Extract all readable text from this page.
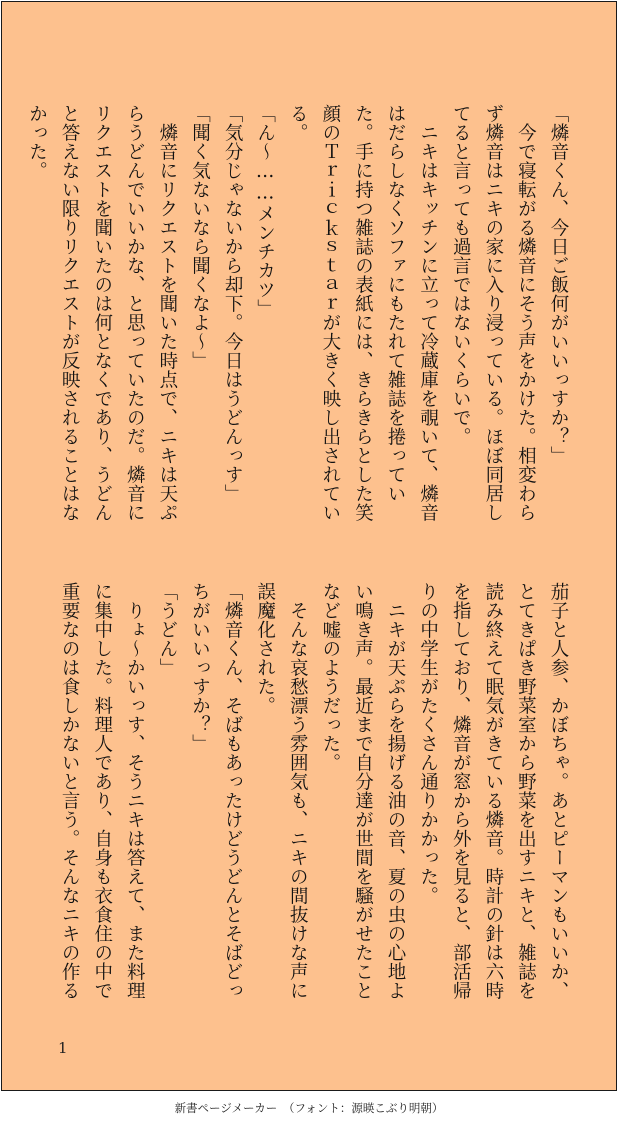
「燐音くん、今日ご飯何がいいっすか？」

今で寝転がる燐音にそう声をかけた。相変わらず燐音はニキの家に入り浸っている。ほぼ同居してると言っても過言ではないくらいで。

ニキはキッチンに立って冷蔵庫を覗いて、燐音はだらしなくソファにもたれて雑誌を捲っていた。手に持つ雑誌の表紙には、きらきらとした笑顔のＴｒｉｃｋｓｔａｒが大きく映し出されている。

「ん〜……メンチカツ」

「気分じゃないから却下。今日はうどんっす」

「聞く気ないなら聞くなよ〜」

燐音にリクエストを聞いた時点で、ニキは天ぷらうどんでいいかな、と思っていたのだ。燐音にリクエストを聞いたのは何となくであり、うどんと答えない限りリクエストが反映されることはなかった。

茄子と人参、かぼちゃ。あとピーマンもいいか、とてきぱき野菜室から野菜を出すニキと、雑誌を読み終えて眠気がきている燐音。時計の針は六時を指しており、燐音が窓から外を見ると、部活帰りの中学生がたくさん通りかかった。

ニキが天ぷらを揚げる油の音、夏の虫の心地よい鳴き声。最近まで自分達が世間を騒がせたことなど嘘のようだった。

そんな哀愁漂う雰囲気も、ニキの間抜けな声に誤魔化された。

「燐音くん、そばもあったけどうどんとそばどっちがいいっすか？」

「うどん」

りょ〜かいっす、そうニキは答えて、また料理に集中した。料理人であり、自身も衣食住の中で重要なのは食しかないと言う。そんなニキの作る

1
新書ページメーカー　（フォント：源暎こぶり明朝）
